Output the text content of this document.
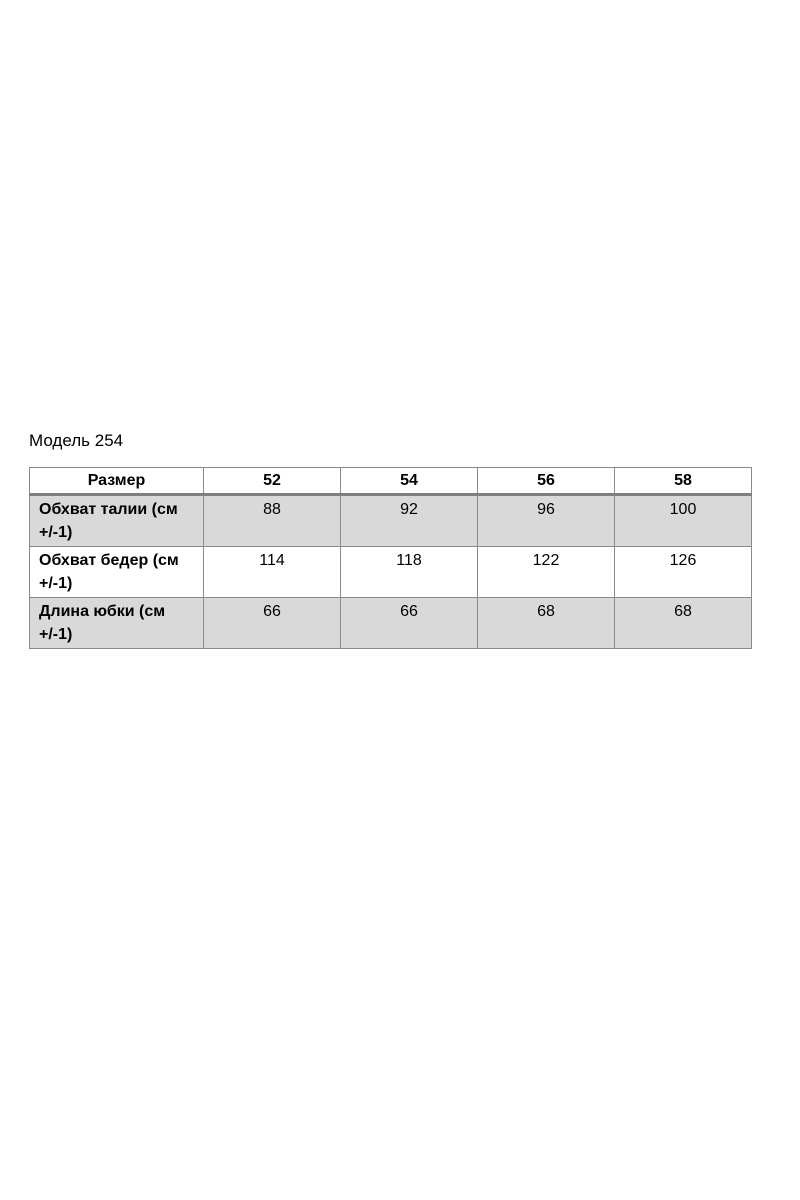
Модель 254
Размер	52	54	56	58
Обхват талии (см +/-1)	88	92	96	100
Обхват бедер (см +/-1)	114	118	122	126
Длина юбки (см +/-1)	66	66	68	68
